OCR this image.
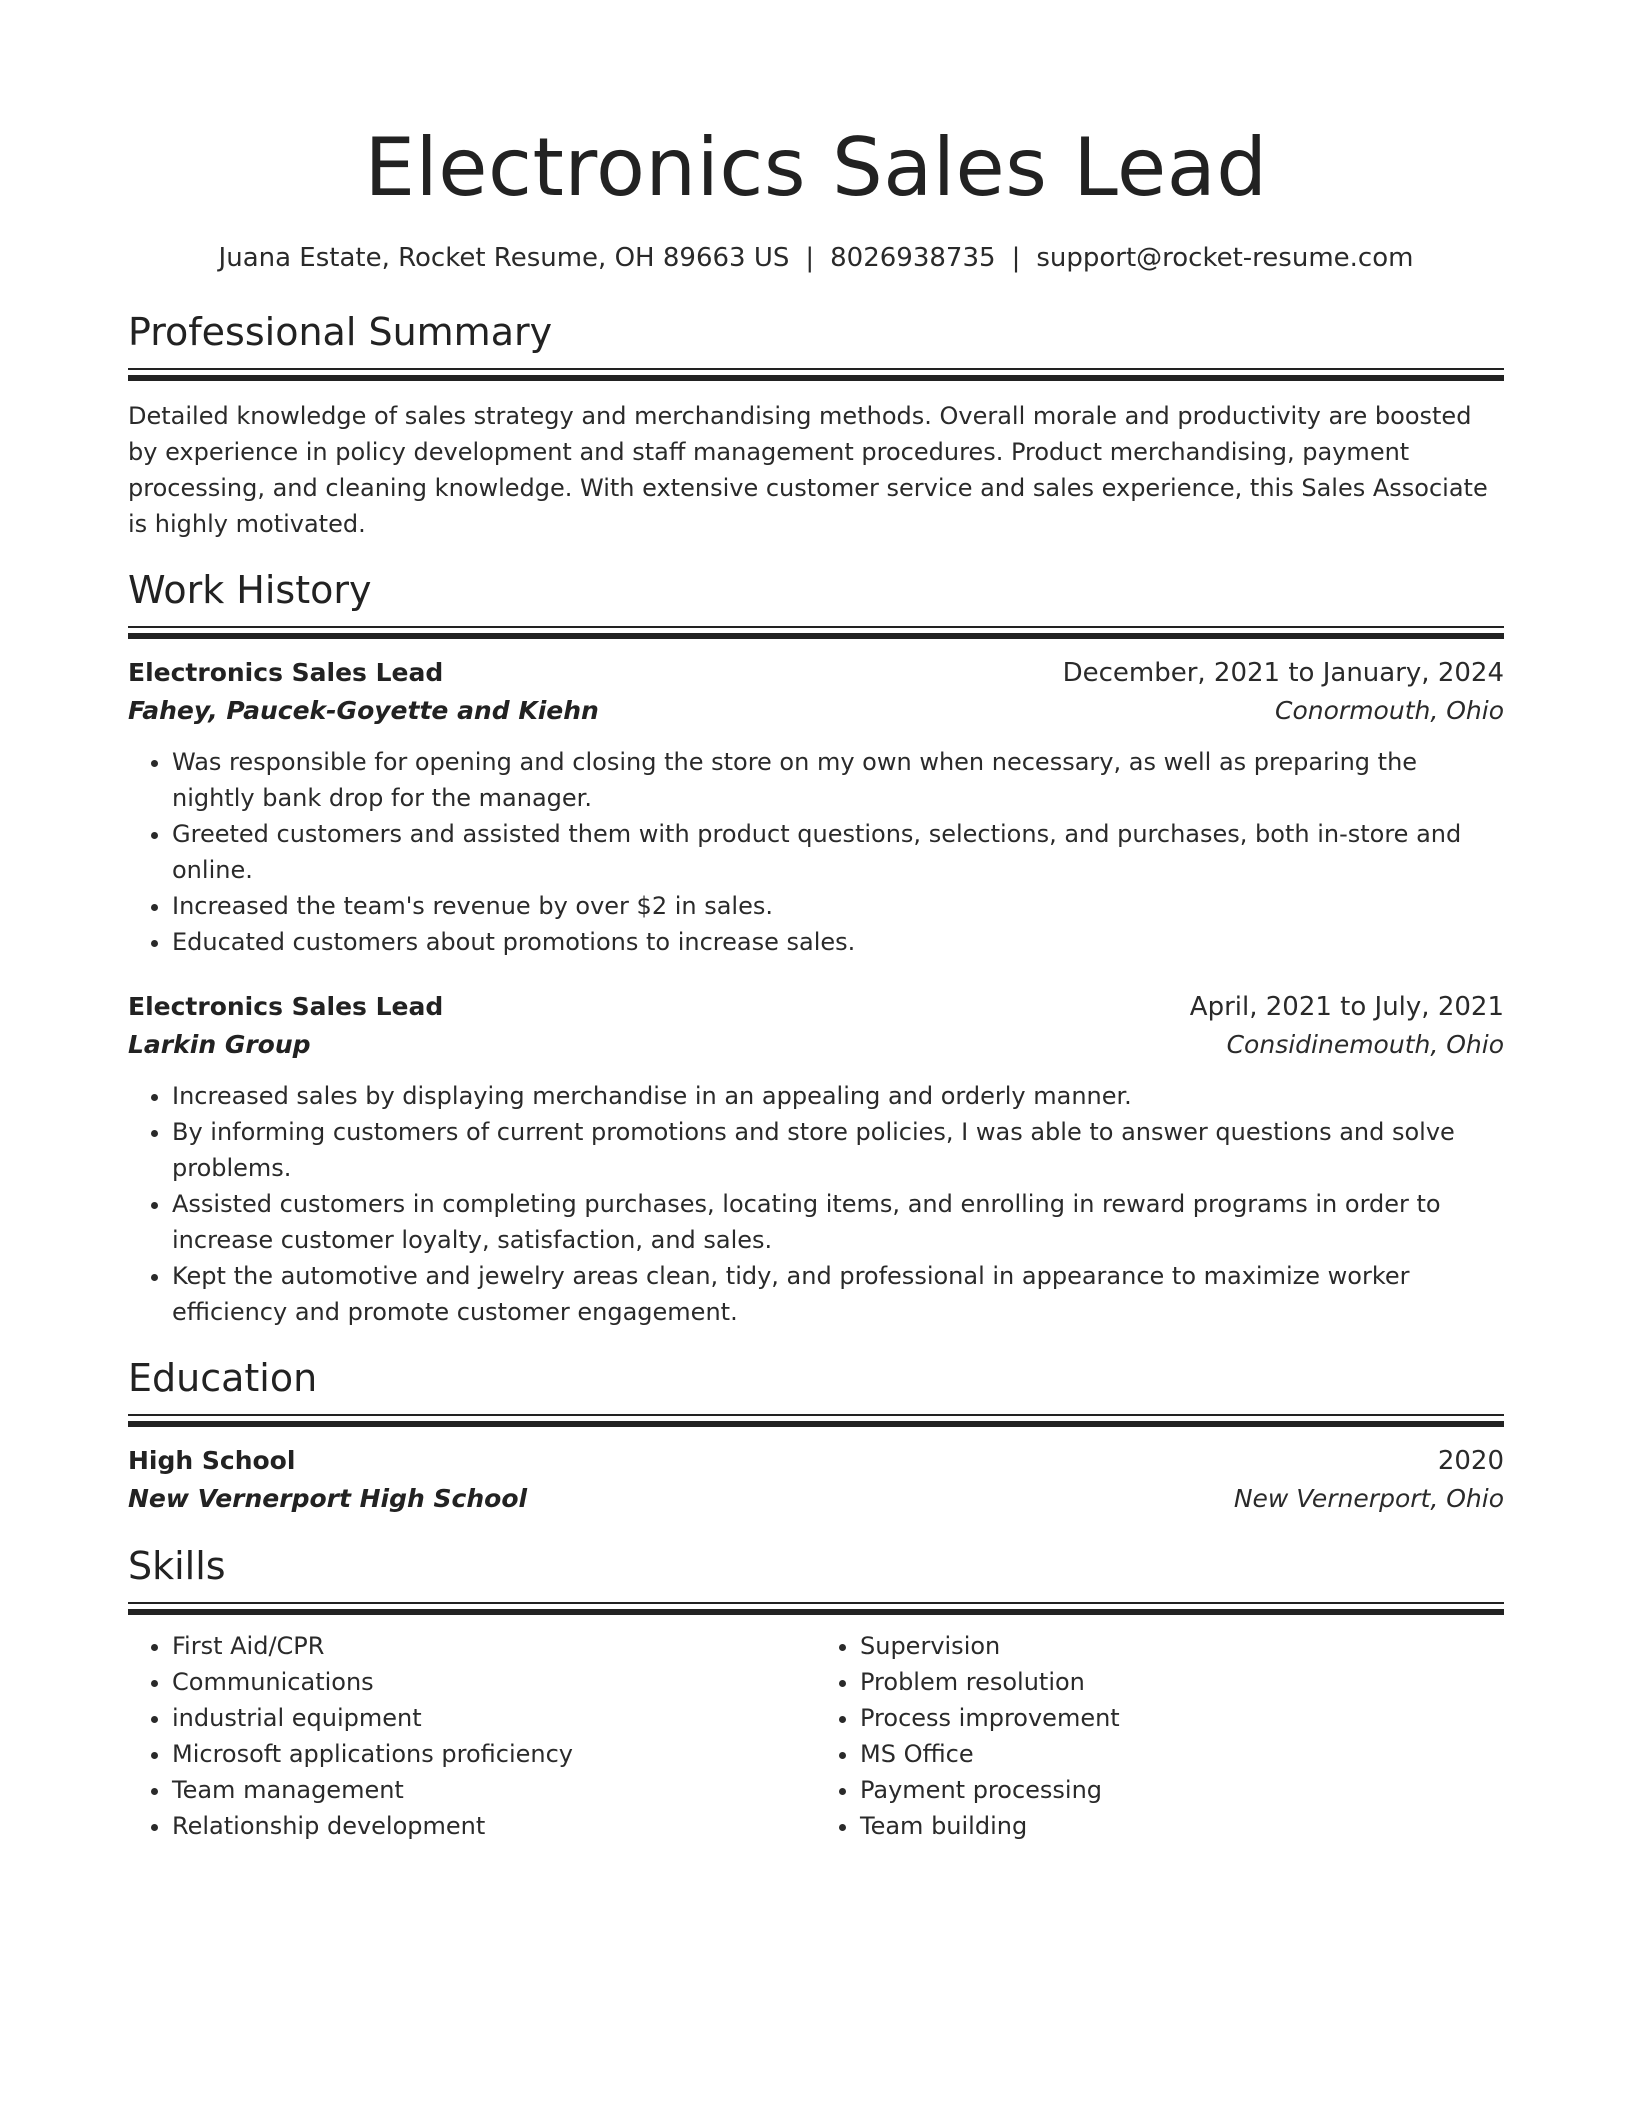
Electronics Sales Lead
Juana Estate, Rocket Resume, OH 89663 US | 8026938735 | support@rocket-resume.com
Professional Summary
Detailed knowledge of sales strategy and merchandising methods. Overall morale and productivity are boosted by experience in policy development and staff management procedures. Product merchandising, payment processing, and cleaning knowledge. With extensive customer service and sales experience, this Sales Associate is highly motivated.
Work History
Electronics Sales Lead	December, 2021 to January, 2024
Fahey, Paucek-Goyette and Kiehn	Conormouth, Ohio
• Was responsible for opening and closing the store on my own when necessary, as well as preparing the nightly bank drop for the manager.
• Greeted customers and assisted them with product questions, selections, and purchases, both in-store and online.
• Increased the team's revenue by over $2 in sales.
• Educated customers about promotions to increase sales.
Electronics Sales Lead	April, 2021 to July, 2021
Larkin Group	Considinemouth, Ohio
• Increased sales by displaying merchandise in an appealing and orderly manner.
• By informing customers of current promotions and store policies, I was able to answer questions and solve problems.
• Assisted customers in completing purchases, locating items, and enrolling in reward programs in order to increase customer loyalty, satisfaction, and sales.
• Kept the automotive and jewelry areas clean, tidy, and professional in appearance to maximize worker efficiency and promote customer engagement.
Education
High School	2020
New Vernerport High School	New Vernerport, Ohio
Skills
• First Aid/CPR
• Communications
• industrial equipment
• Microsoft applications proficiency
• Team management
• Relationship development
• Supervision
• Problem resolution
• Process improvement
• MS Office
• Payment processing
• Team building
